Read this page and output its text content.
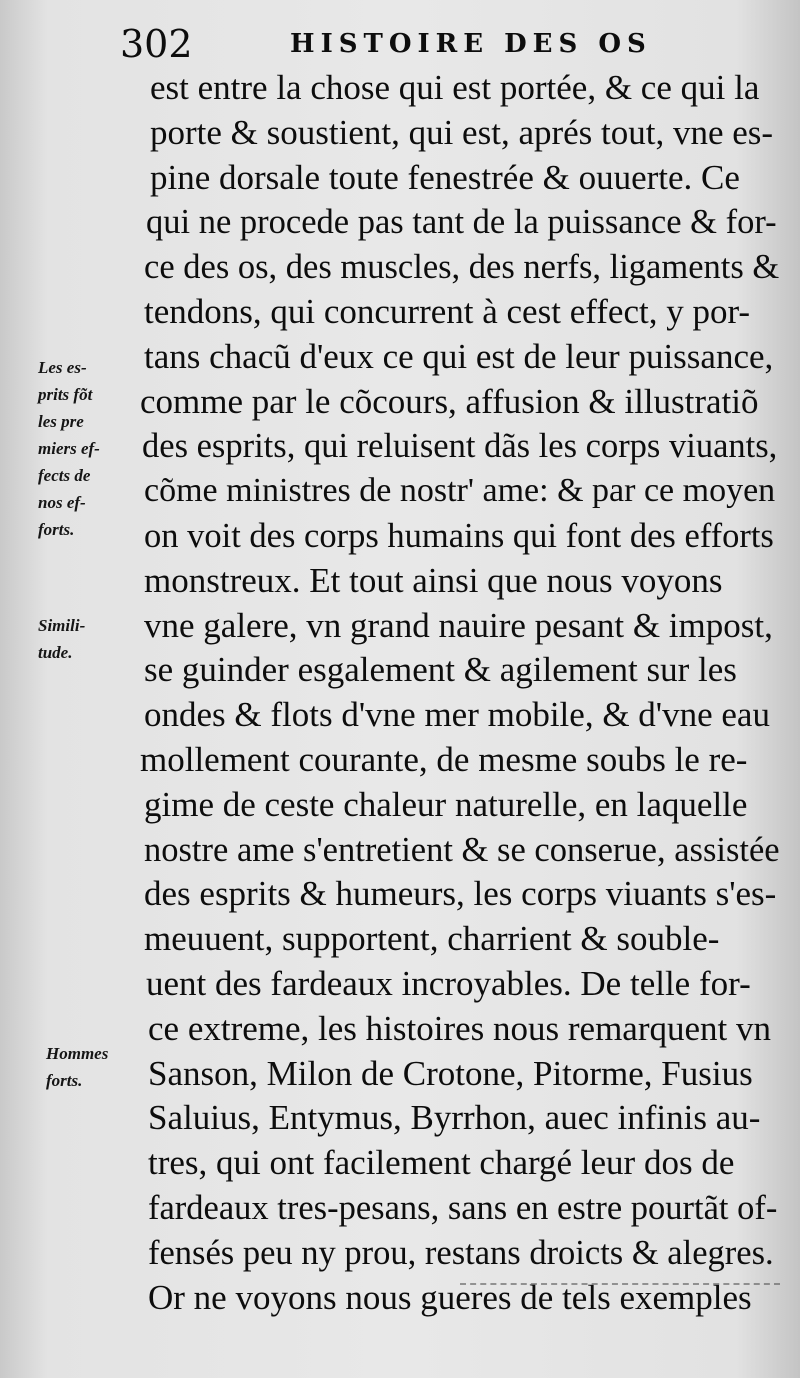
302	HISTOIRE DES OS
est entre la chose qui est portée, & ce qui la
porte & soustient, qui est, aprés tout, vne es-
pine dorsale toute fenestrée & ouuerte. Ce
qui ne procede pas tant de la puissance & for-
ce des os, des muscles, des nerfs, ligaments &
tendons, qui concurrent à cest effect, y por-
tans chacũ d'eux ce qui est de leur puissance,
comme par le cõcours, affusion & illustratiõ
des esprits, qui reluisent dãs les corps viuants,
cõme ministres de nostr' ame: & par ce moyen
on voit des corps humains qui font des efforts
monstreux. Et tout ainsi que nous voyons
vne galere, vn grand nauire pesant & impost,
se guinder esgalement & agilement sur les
ondes & flots d'vne mer mobile, & d'vne eau
mollement courante, de mesme soubs le re-
gime de ceste chaleur naturelle, en laquelle
nostre ame s'entretient & se conserue, assistée
des esprits & humeurs, les corps viuants s'es-
meuuent, supportent, charrient & souble-
uent des fardeaux incroyables. De telle for-
ce extreme, les histoires nous remarquent vn
Sanson, Milon de Crotone, Pitorme, Fusius
Saluius, Entymus, Byrrhon, auec infinis au-
tres, qui ont facilement chargé leur dos de
fardeaux tres-pesans, sans en estre pourtãt of-
fensés peu ny prou, restans droicts & alegres.
Or ne voyons nous gueres de tels exemples
Les es-
prits fõt
les pre
miers ef-
fects de
nos ef-
forts.
Simili-
tude.
Hommes
forts.
